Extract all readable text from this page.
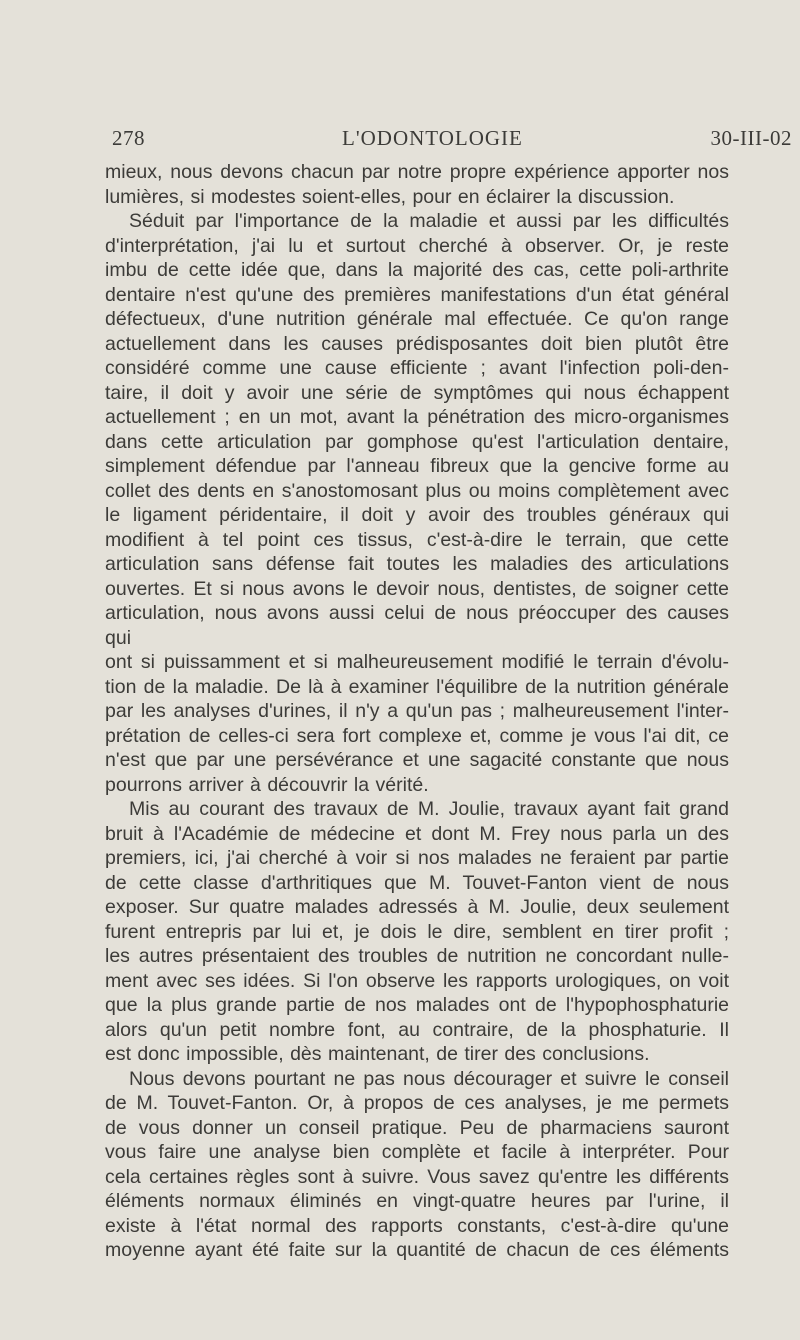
278	L'ODONTOLOGIE	30-III-02

mieux, nous devons chacun par notre propre expérience apporter nos

lumières, si modestes soient-elles, pour en éclairer la discussion.

Séduit par l'importance de la maladie et aussi par les difficultés

d'interprétation, j'ai lu et surtout cherché à observer. Or, je reste

imbu de cette idée que, dans la majorité des cas, cette poli-arthrite

dentaire n'est qu'une des premières manifestations d'un état général

défectueux, d'une nutrition générale mal effectuée. Ce qu'on range

actuellement dans les causes prédisposantes doit bien plutôt être

considéré comme une cause efficiente ; avant l'infection poli-den-

taire, il doit y avoir une série de symptômes qui nous échappent

actuellement ; en un mot, avant la pénétration des micro-organismes

dans cette articulation par gomphose qu'est l'articulation dentaire,

simplement défendue par l'anneau fibreux que la gencive forme au

collet des dents en s'anostomosant plus ou moins complètement avec

le ligament péridentaire, il doit y avoir des troubles généraux qui

modifient à tel point ces tissus, c'est-à-dire le terrain, que cette

articulation sans défense fait toutes les maladies des articulations

ouvertes. Et si nous avons le devoir nous, dentistes, de soigner cette

articulation, nous avons aussi celui de nous préoccuper des causes qui

ont si puissamment et si malheureusement modifié le terrain d'évolu-

tion de la maladie. De là à examiner l'équilibre de la nutrition générale

par les analyses d'urines, il n'y a qu'un pas ; malheureusement l'inter-

prétation de celles-ci sera fort complexe et, comme je vous l'ai dit, ce

n'est que par une persévérance et une sagacité constante que nous

pourrons arriver à découvrir la vérité.

Mis au courant des travaux de M. Joulie, travaux ayant fait grand

bruit à l'Académie de médecine et dont M. Frey nous parla un des

premiers, ici, j'ai cherché à voir si nos malades ne feraient par partie

de cette classe d'arthritiques que M. Touvet-Fanton vient de nous

exposer. Sur quatre malades adressés à M. Joulie, deux seulement

furent entrepris par lui et, je dois le dire, semblent en tirer profit ;

les autres présentaient des troubles de nutrition ne concordant nulle-

ment avec ses idées. Si l'on observe les rapports urologiques, on voit

que la plus grande partie de nos malades ont de l'hypophosphaturie

alors qu'un petit nombre font, au contraire, de la phosphaturie. Il

est donc impossible, dès maintenant, de tirer des conclusions.

Nous devons pourtant ne pas nous décourager et suivre le conseil

de M. Touvet-Fanton. Or, à propos de ces analyses, je me permets

de vous donner un conseil pratique. Peu de pharmaciens sauront

vous faire une analyse bien complète et facile à interpréter. Pour

cela certaines règles sont à suivre. Vous savez qu'entre les différents

éléments normaux éliminés en vingt-quatre heures par l'urine, il

existe à l'état normal des rapports constants, c'est-à-dire qu'une

moyenne ayant été faite sur la quantité de chacun de ces éléments
